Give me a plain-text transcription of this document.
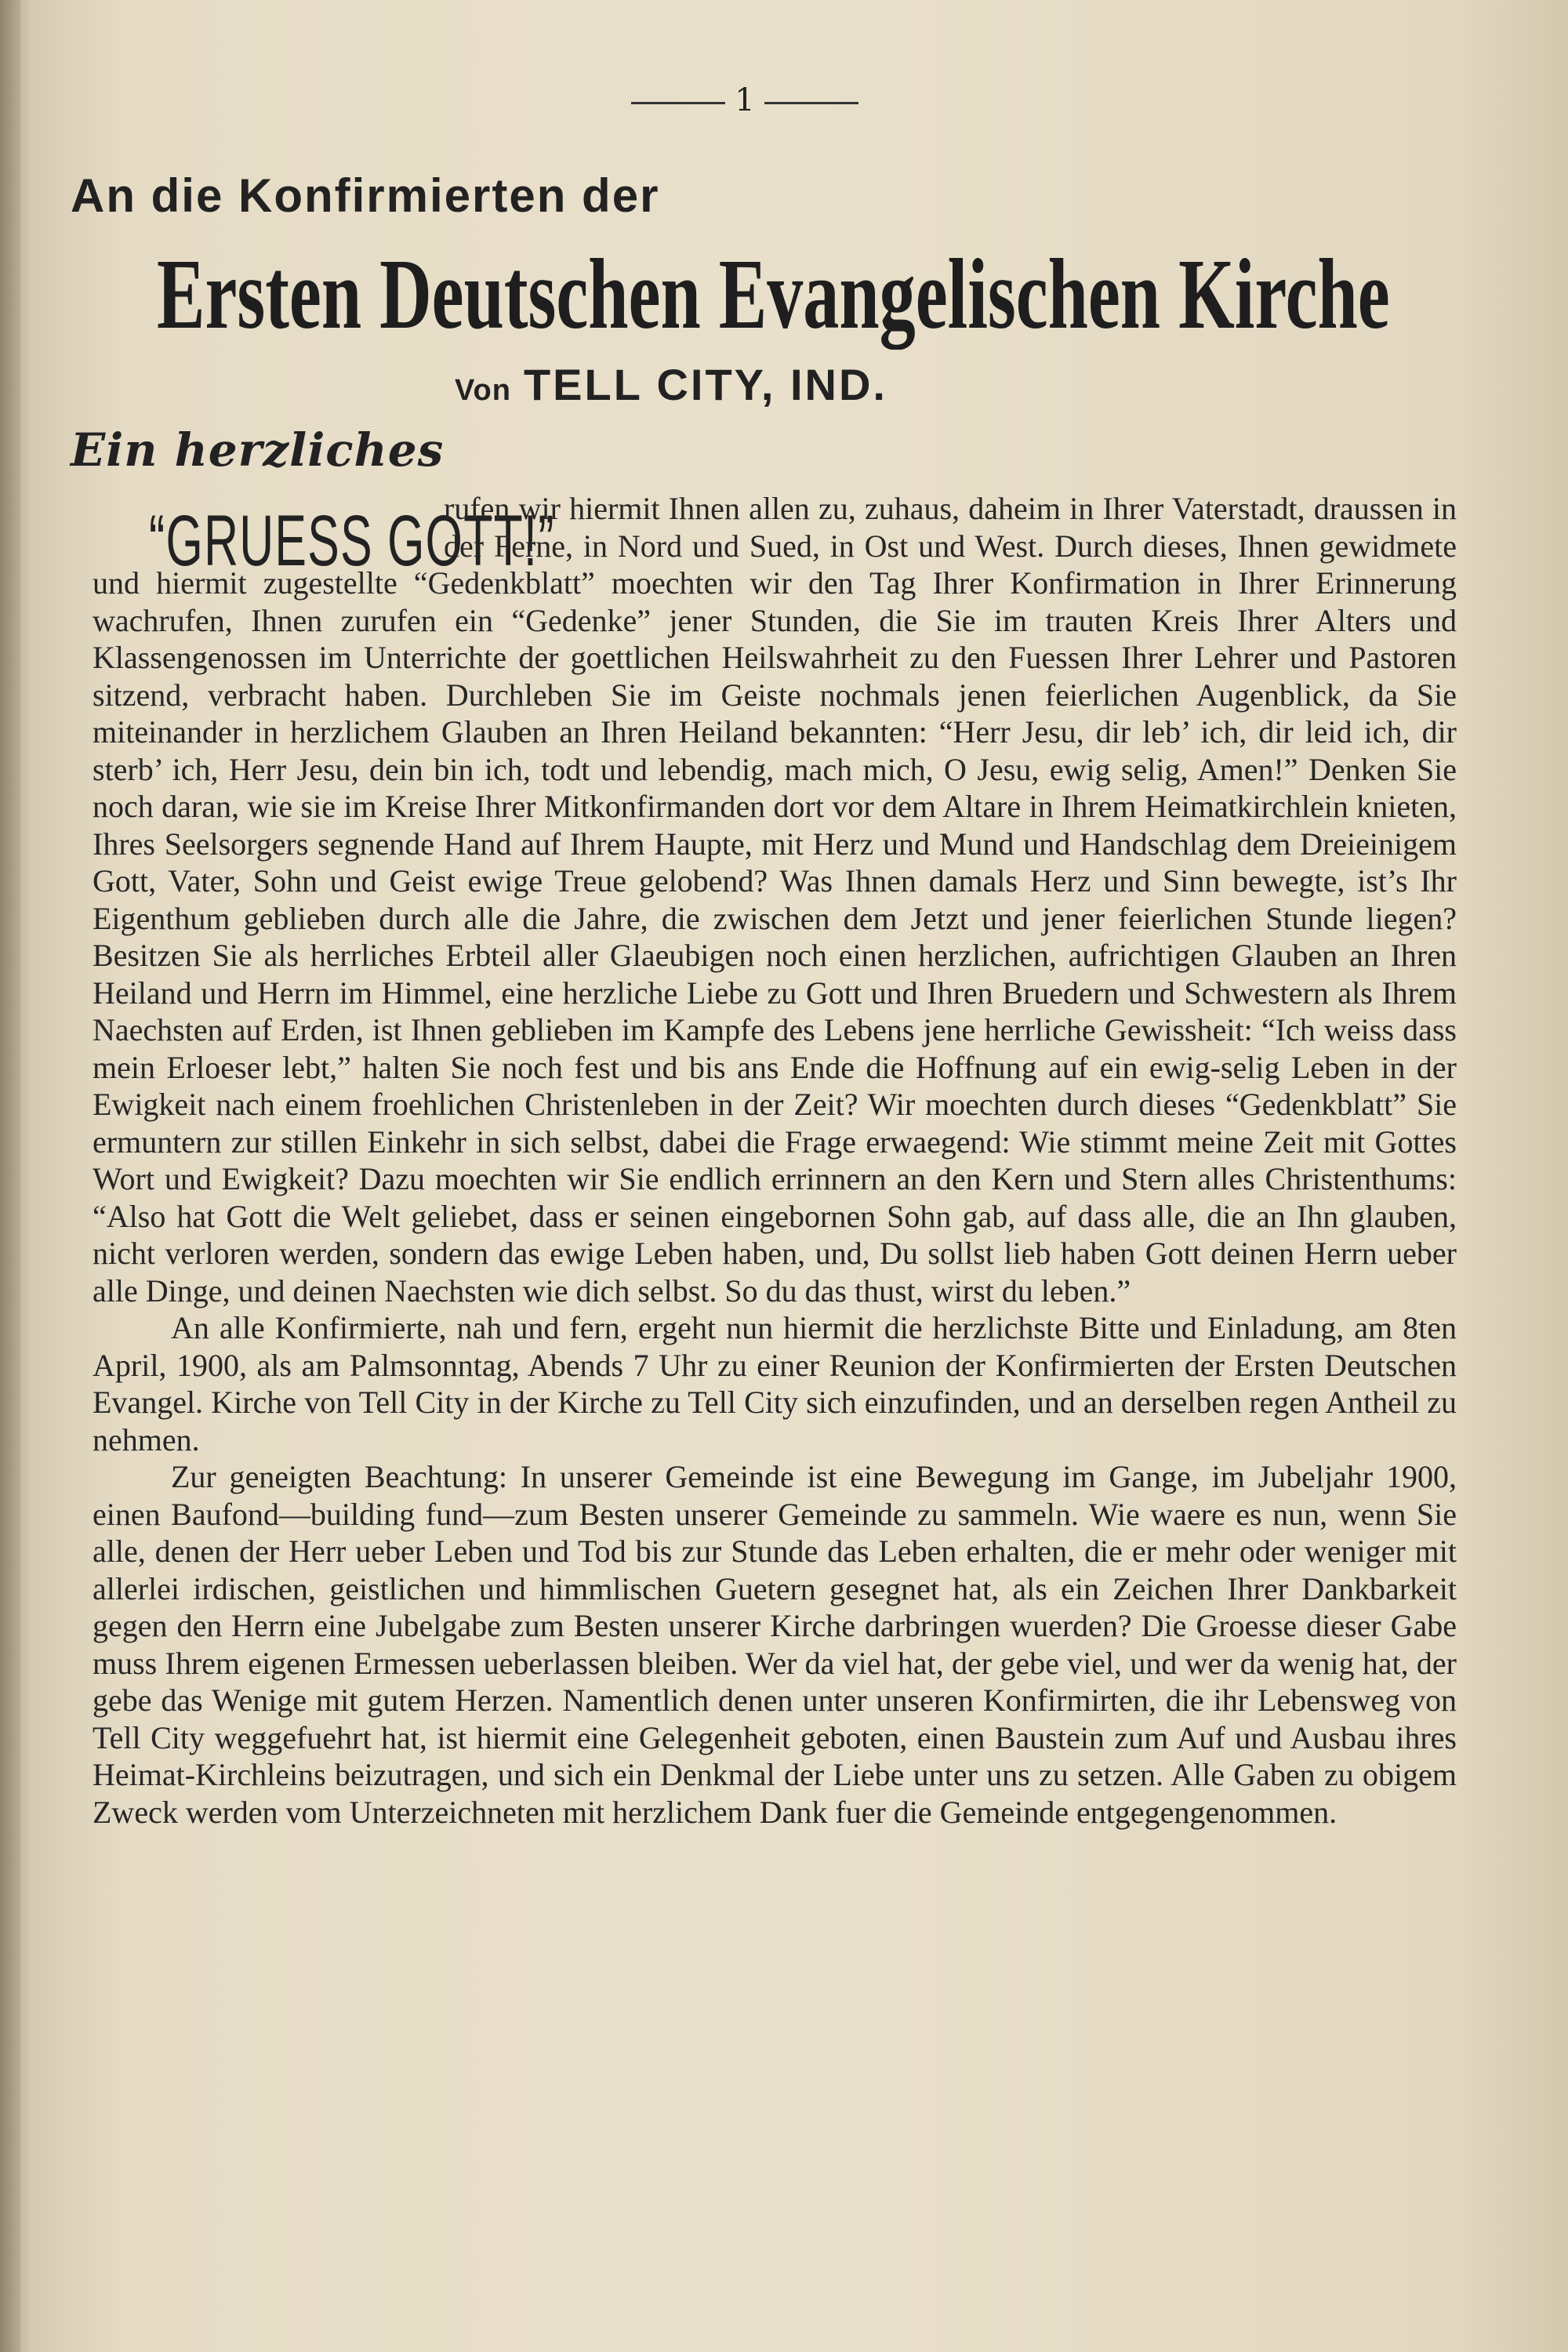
1
An die Konfirmierten der
Ersten Deutschen Evangelischen Kirche
Von TELL CITY, IND.
Ein herzliches
“GRUESS GOTT!”

rufen wir hiermit Ihnen allen zu, zuhaus, daheim in Ihrer Vaterstadt, draussen in der Ferne, in Nord und Sued, in Ost und West. Durch dieses, Ihnen gewidmete und hiermit zugestellte “Gedenkblatt” moechten wir den Tag Ihrer Konfirmation in Ihrer Erinnerung wachrufen, Ihnen zurufen ein “Gedenke” jener Stunden, die Sie im trauten Kreis Ihrer Alters und Klassengenossen im Unterrichte der goettlichen Heilswahrheit zu den Fuessen Ihrer Lehrer und Pastoren sitzend, verbracht haben. Durchleben Sie im Geiste nochmals jenen feierlichen Augenblick, da Sie miteinander in herzlichem Glauben an Ihren Heiland bekannten: “Herr Jesu, dir leb’ ich, dir leid ich, dir sterb’ ich, Herr Jesu, dein bin ich, todt und lebendig, mach mich, O Jesu, ewig selig, Amen!” Denken Sie noch daran, wie sie im Kreise Ihrer Mitkonfirmanden dort vor dem Altare in Ihrem Heimatkirchlein knieten, Ihres Seelsorgers segnende Hand auf Ihrem Haupte, mit Herz und Mund und Handschlag dem Dreieinigem Gott, Vater, Sohn und Geist ewige Treue gelobend? Was Ihnen damals Herz und Sinn bewegte, ist’s Ihr Eigenthum geblieben durch alle die Jahre, die zwischen dem Jetzt und jener feierlichen Stunde liegen? Besitzen Sie als herrliches Erbteil aller Glaeubigen noch einen herzlichen, aufrichtigen Glauben an Ihren Heiland und Herrn im Himmel, eine herzliche Liebe zu Gott und Ihren Bruedern und Schwestern als Ihrem Naechsten auf Erden, ist Ihnen geblieben im Kampfe des Lebens jene herrliche Gewissheit: “Ich weiss dass mein Erloeser lebt,” halten Sie noch fest und bis ans Ende die Hoffnung auf ein ewig-selig Leben in der Ewigkeit nach einem froehlichen Christenleben in der Zeit? Wir moechten durch dieses “Gedenkblatt” Sie ermuntern zur stillen Einkehr in sich selbst, dabei die Frage erwaegend: Wie stimmt meine Zeit mit Gottes Wort und Ewigkeit? Dazu moechten wir Sie endlich errinnern an den Kern und Stern alles Christenthums: “Also hat Gott die Welt geliebet, dass er seinen eingebornen Sohn gab, auf dass alle, die an Ihn glauben, nicht verloren werden, sondern das ewige Leben haben, und, Du sollst lieb haben Gott deinen Herrn ueber alle Dinge, und deinen Naechsten wie dich selbst. So du das thust, wirst du leben.”

An alle Konfirmierte, nah und fern, ergeht nun hiermit die herzlichste Bitte und Einladung, am 8ten April, 1900, als am Palmsonntag, Abends 7 Uhr zu einer Reunion der Konfirmierten der Ersten Deutschen Evangel. Kirche von Tell City in der Kirche zu Tell City sich einzufinden, und an derselben regen Antheil zu nehmen.

Zur geneigten Beachtung: In unserer Gemeinde ist eine Bewegung im Gange, im Jubeljahr 1900, einen Baufond—building fund—zum Besten unserer Gemeinde zu sammeln. Wie waere es nun, wenn Sie alle, denen der Herr ueber Leben und Tod bis zur Stunde das Leben erhalten, die er mehr oder weniger mit allerlei irdischen, geistlichen und himmlischen Guetern gesegnet hat, als ein Zeichen Ihrer Dankbarkeit gegen den Herrn eine Jubelgabe zum Besten unserer Kirche darbringen wuerden? Die Groesse dieser Gabe muss Ihrem eigenen Ermessen ueberlassen bleiben. Wer da viel hat, der gebe viel, und wer da wenig hat, der gebe das Wenige mit gutem Herzen. Namentlich denen unter unseren Konfirmirten, die ihr Lebensweg von Tell City weggefuehrt hat, ist hiermit eine Gelegenheit geboten, einen Baustein zum Auf und Ausbau ihres Heimat-Kirchleins beizutragen, und sich ein Denkmal der Liebe unter uns zu setzen. Alle Gaben zu obigem Zweck werden vom Unterzeichneten mit herzlichem Dank fuer die Gemeinde entgegengenommen.
